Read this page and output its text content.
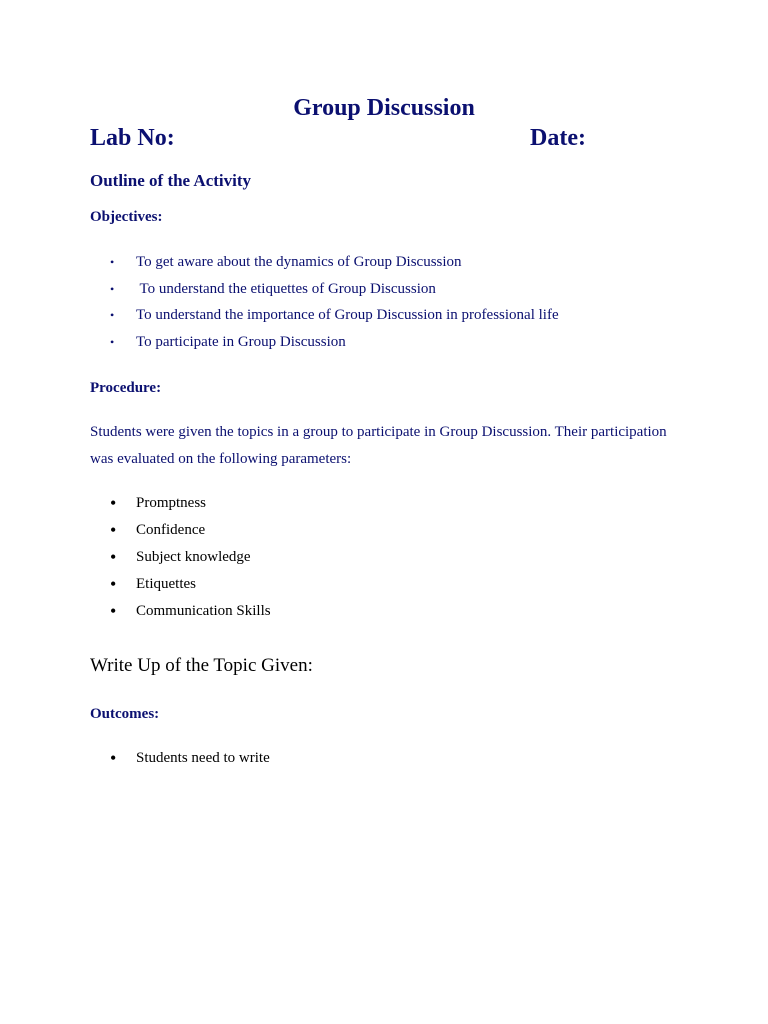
Group Discussion
Lab No:	Date:
Outline of the Activity
Objectives:
• To get aware about the dynamics of Group Discussion
• To understand the etiquettes of Group Discussion
• To understand the importance of Group Discussion in professional life
• To participate in Group Discussion
Procedure:
Students were given the topics in a group to participate in Group Discussion. Their participation
was evaluated on the following parameters:
• Promptness
• Confidence
• Subject knowledge
• Etiquettes
• Communication Skills
Write Up of the Topic Given:
Outcomes:
• Students need to write
